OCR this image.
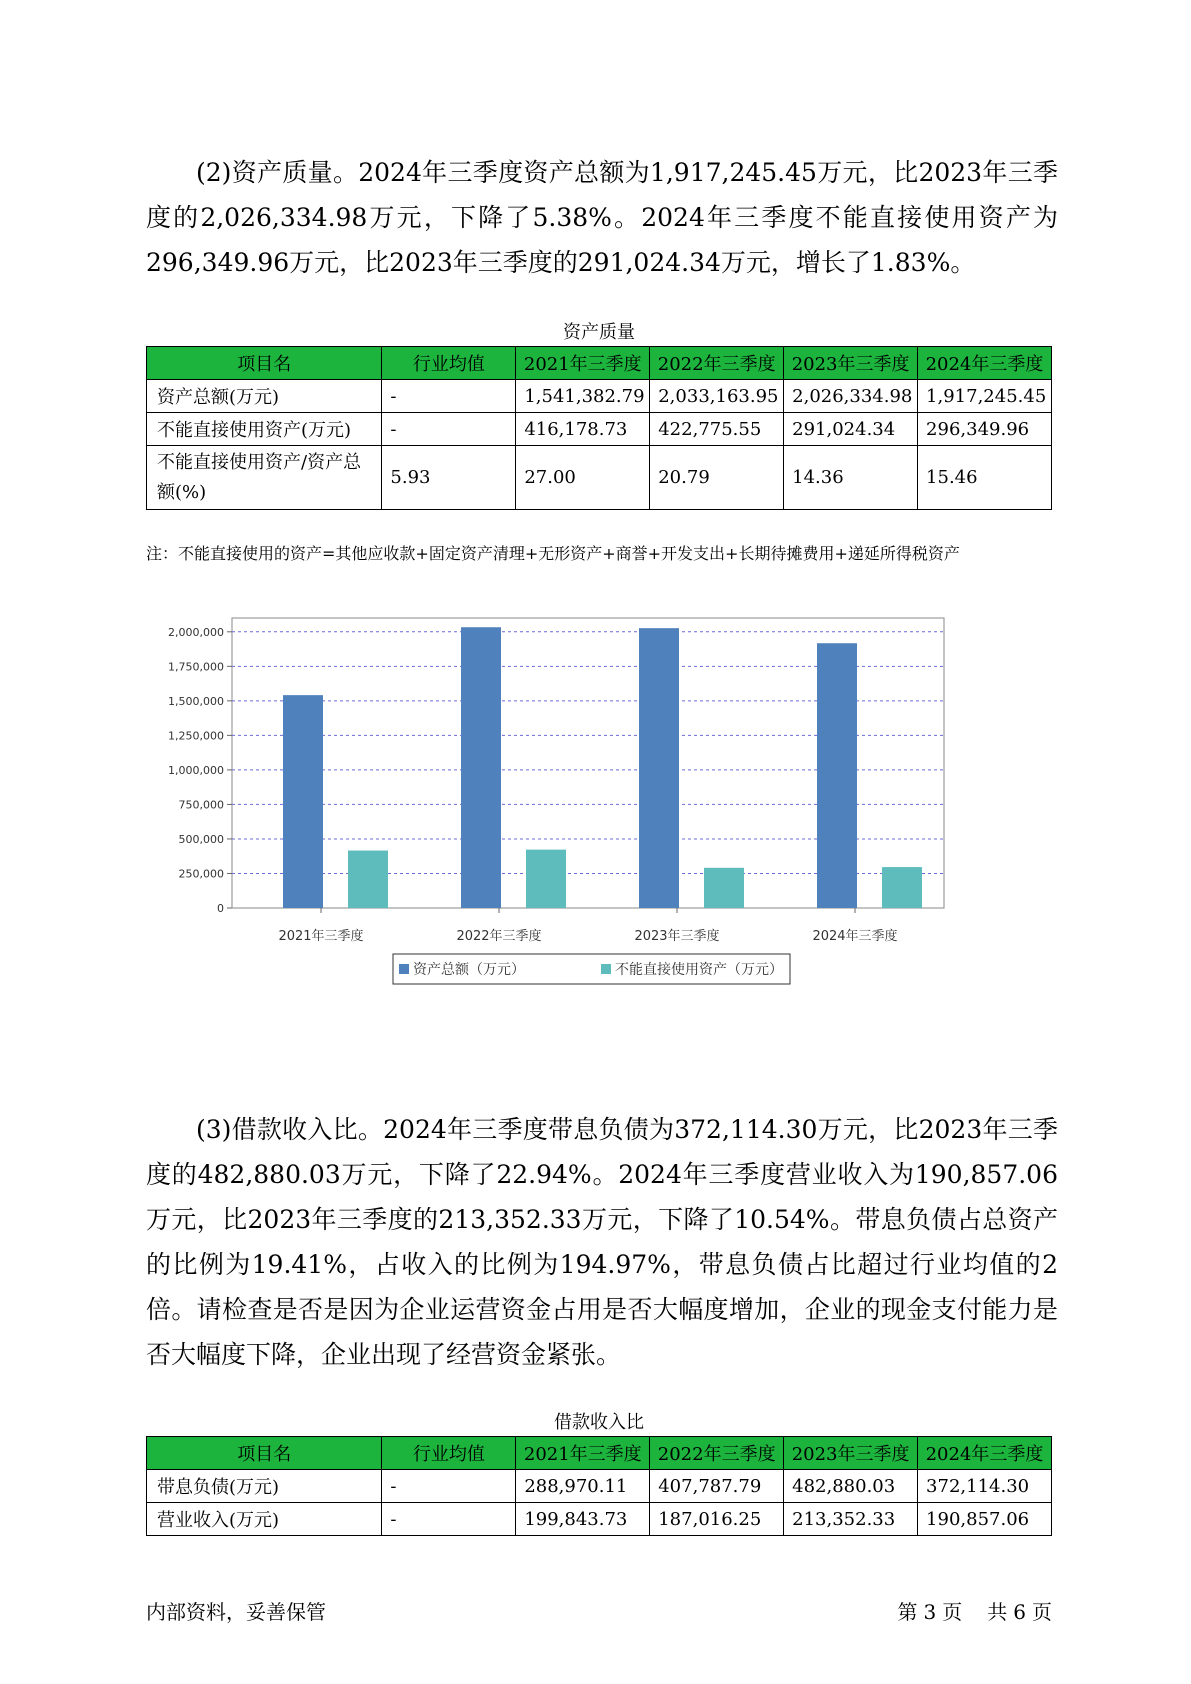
(2)资产质量。2024年三季度资产总额为1,917,245.45万元，比2023年三季度的2,026,334.98万元，下降了5.38%。2024年三季度不能直接使用资产为296,349.96万元，比2023年三季度的291,024.34万元，增长了1.83%。

资产质量
项目名	行业均值	2021年三季度	2022年三季度	2023年三季度	2024年三季度
资产总额(万元)	-	1,541,382.79	2,033,163.95	2,026,334.98	1,917,245.45
不能直接使用资产(万元)	-	416,178.73	422,775.55	291,024.34	296,349.96
不能直接使用资产/资产总额(%)	5.93	27.00	20.79	14.36	15.46
注：不能直接使用的资产=其他应收款+固定资产清理+无形资产+商誉+开发支出+长期待摊费用+递延所得税资产
0
250,000
500,000
750,000
1,000,000
1,250,000
1,500,000
1,750,000
2,000,000
2021年三季度	2022年三季度	2023年三季度	2024年三季度
资产总额（万元）	不能直接使用资产（万元）

(3)借款收入比。2024年三季度带息负债为372,114.30万元，比2023年三季度的482,880.03万元，下降了22.94%。2024年三季度营业收入为190,857.06万元，比2023年三季度的213,352.33万元，下降了10.54%。带息负债占总资产的比例为19.41%，占收入的比例为194.97%，带息负债占比超过行业均值的2倍。请检查是否是因为企业运营资金占用是否大幅度增加，企业的现金支付能力是否大幅度下降，企业出现了经营资金紧张。

借款收入比
项目名	行业均值	2021年三季度	2022年三季度	2023年三季度	2024年三季度
带息负债(万元)	-	288,970.11	407,787.79	482,880.03	372,114.30
营业收入(万元)	-	199,843.73	187,016.25	213,352.33	190,857.06
内部资料，妥善保管	第 3 页 共 6 页
